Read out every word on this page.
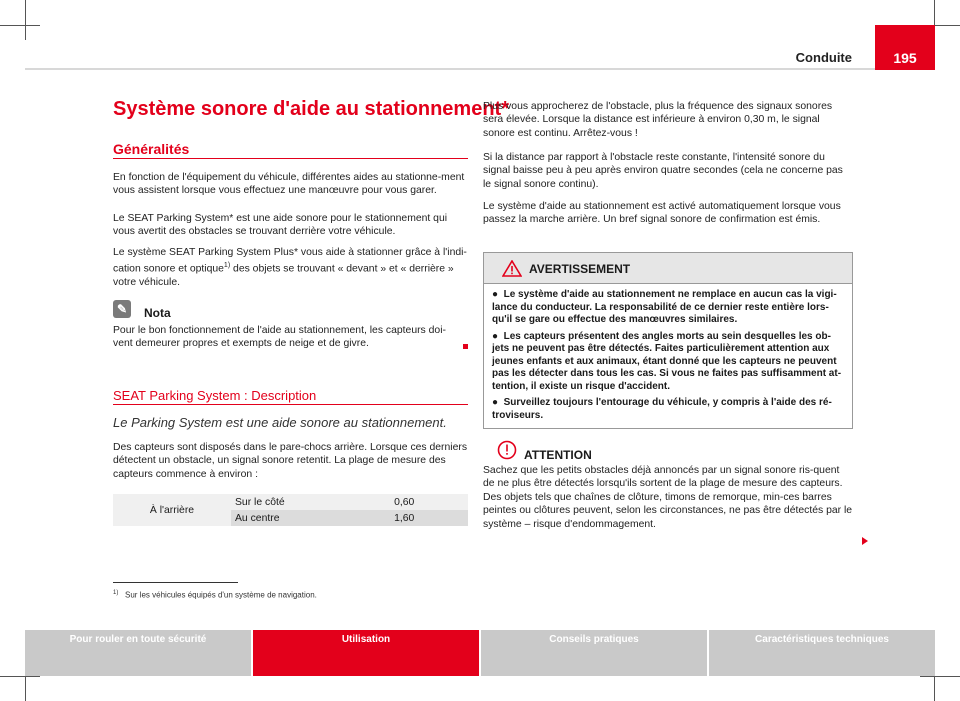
Conduite	195
Système sonore d'aide au stationnement*
Généralités
En fonction de l'équipement du véhicule, différentes aides au stationne-ment vous assistent lorsque vous effectuez une manœuvre pour vous garer.
Le SEAT Parking System* est une aide sonore pour le stationnement qui vous avertit des obstacles se trouvant derrière votre véhicule.
Le système SEAT Parking System Plus* vous aide à stationner grâce à l'indi-cation sonore et optique$^{1)}$ des objets se trouvant « devant » et « derrière » votre véhicule.
✎	Nota
Pour le bon fonctionnement de l'aide au stationnement, les capteurs doi-vent demeurer propres et exempts de neige et de givre.
SEAT Parking System : Description
Le Parking System est une aide sonore au stationnement.
Des capteurs sont disposés dans le pare-chocs arrière. Lorsque ces derniers détectent un obstacle, un signal sonore retentit. La plage de mesure des capteurs commence à environ :
À l'arrière	Sur le côté	0,60
	Au centre	1,60
Plus vous approcherez de l'obstacle, plus la fréquence des signaux sonores sera élevée. Lorsque la distance est inférieure à environ 0,30 m, le signal sonore est continu. Arrêtez-vous !
Si la distance par rapport à l'obstacle reste constante, l'intensité sonore du signal baisse peu à peu après environ quatre secondes (cela ne concerne pas le signal sonore continu).
Le système d'aide au stationnement est activé automatiquement lorsque vous passez la marche arrière. Un bref signal sonore de confirmation est émis.
AVERTISSEMENT
●  Le système d'aide au stationnement ne remplace en aucun cas la vigi-lance du conducteur. La responsabilité de ce dernier reste entière lors-qu'il se gare ou effectue des manœuvres similaires.
●  Les capteurs présentent des angles morts au sein desquelles les ob-jets ne peuvent pas être détectés. Faites particulièrement attention aux jeunes enfants et aux animaux, étant donné que les capteurs ne peuvent pas les détecter dans tous les cas. Si vous ne faites pas suffisamment at-tention, il existe un risque d'accident.
●  Surveillez toujours l'entourage du véhicule, y compris à l'aide des ré-troviseurs.
ATTENTION
Sachez que les petits obstacles déjà annoncés par un signal sonore ris-quent de ne plus être détectés lorsqu'ils sortent de la plage de mesure des capteurs. Des objets tels que chaînes de clôture, timons de remorque, min-ces barres peintes ou clôtures peuvent, selon les circonstances, ne pas être détectés par le système – risque d'endommagement.
$^{1)}$ Sur les véhicules équipés d'un système de navigation.
Pour rouler en toute sécurité	Utilisation	Conseils pratiques	Caractéristiques techniques
